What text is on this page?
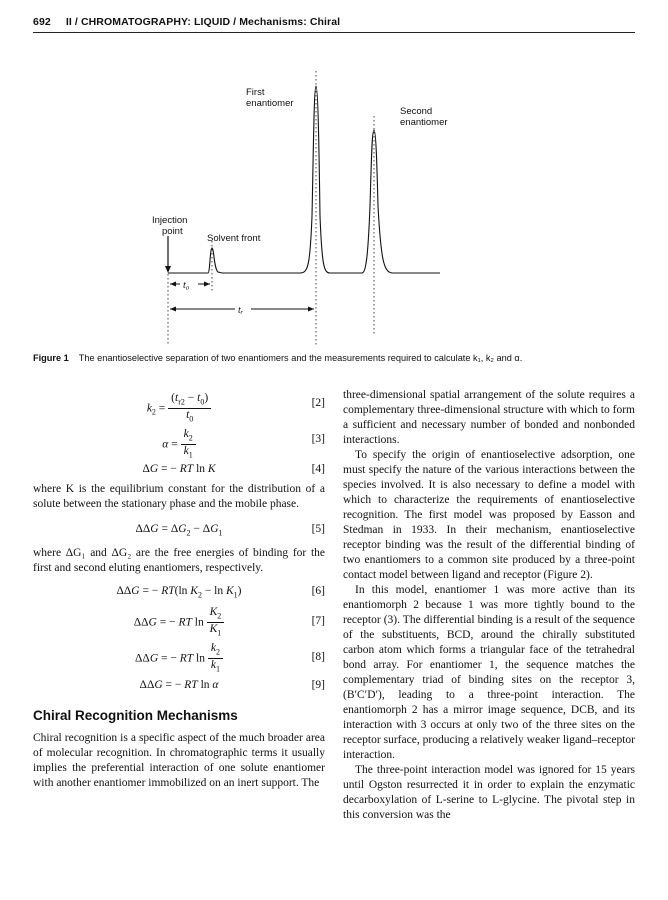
692 II / CHROMATOGRAPHY: LIQUID / Mechanisms: Chiral
First
enantiomer
Second
enantiomer
Injection
point
Solvent front
t₀
tᵣ
Figure 1 The enantioselective separation of two enantiomers and the measurements required to calculate k₁, k₂ and α.
$k_2 = \frac{(t_{r2} - t_0)}{t_0}$	[2]
$\alpha = \frac{k_2}{k_1}$	[3]
ΔG = − RT ln K	[4]

where K is the equilibrium constant for the distribution of a solute between the stationary phase and the mobile phase.

$\Delta\Delta G = \Delta G_2 - \Delta G_1$	[5]

where ΔG₁ and ΔG₂ are the free energies of binding for the first and second eluting enantiomers, respectively.

ΔΔG = − RT(ln $K_2 - \ln K_1$)	[6]
ΔΔG = − RT $\ln \frac{K_2}{K_1}$	[7]
ΔΔG = − RT $\ln \frac{k_2}{k_1}$	[8]
ΔΔG = − RT ln α	[9]
Chiral Recognition Mechanisms

Chiral recognition is a specific aspect of the much broader area of molecular recognition. In chromatographic terms it usually implies the preferential interaction of one solute enantiomer with another enantiomer immobilized on an inert support. The

three-dimensional spatial arrangement of the solute requires a complementary three-dimensional structure with which to form a sufficient and necessary number of bonded and nonbonded interactions.

To specify the origin of enantioselective adsorption, one must specify the nature of the various interactions between the species involved. It is also necessary to define a model with which to characterize the requirements of enantioselective recognition. The first model was proposed by Easson and Stedman in 1933. In their mechanism, enantioselective receptor binding was the result of the differential binding of two enantiomers to a common site produced by a three-point contact model between ligand and receptor (Figure 2).

In this model, enantiomer 1 was more active than its enantiomorph 2 because 1 was more tightly bound to the receptor (3). The differential binding is a result of the sequence of the substituents, BCD, around the chirally substituted carbon atom which forms a triangular face of the tetrahedral bond array. For enantiomer 1, the sequence matches the complementary triad of binding sites on the receptor 3, (B′C′D′), leading to a three-point interaction. The enantiomorph 2 has a mirror image sequence, DCB, and its interaction with 3 occurs at only two of the three sites on the receptor surface, producing a relatively weaker ligand–receptor interaction.

The three-point interaction model was ignored for 15 years until Ogston resurrected it in order to explain the enzymatic decarboxylation of L-serine to L-glycine. The pivotal step in this conversion was the
